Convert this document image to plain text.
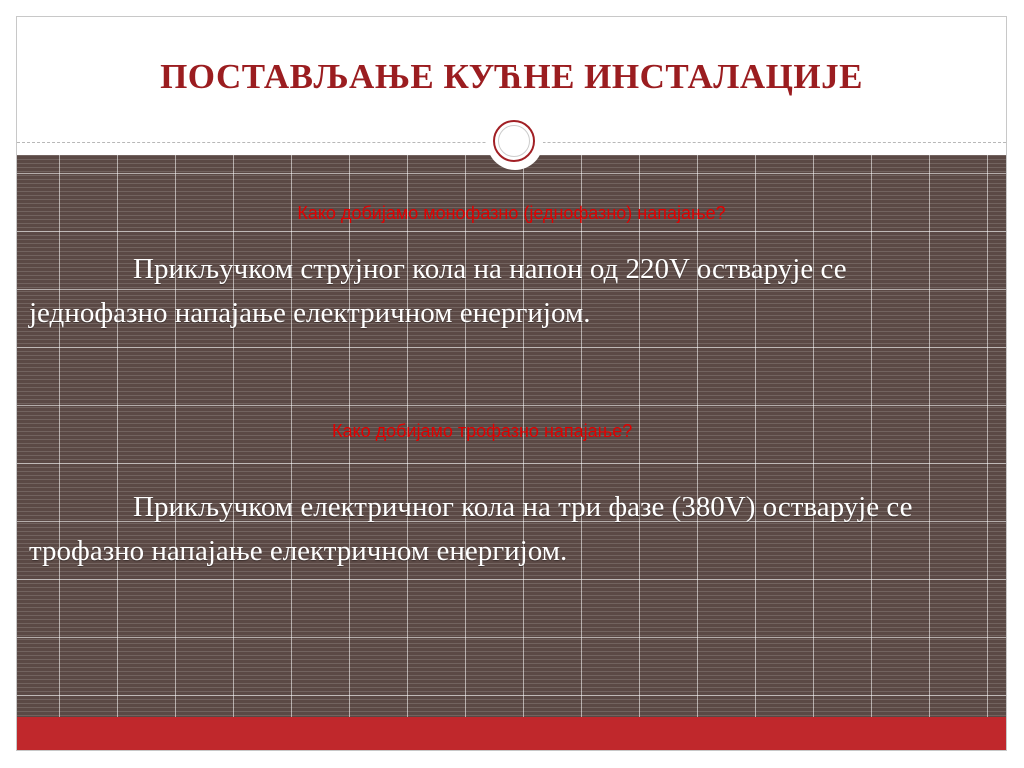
ПОСТАВЉАЊЕ КУЋНЕ ИНСТАЛАЦИЈЕ
Како добијамо монофазно (једнофазно) напајање?
Прикључком струјног кола на напон од 220V остварује се једнофазно напајање електричном енергијом.
Како добијамо трофазно напајање?
Прикључком електричног кола на три фазе (380V) остварује се трофазно напајање електричном енергијом.
